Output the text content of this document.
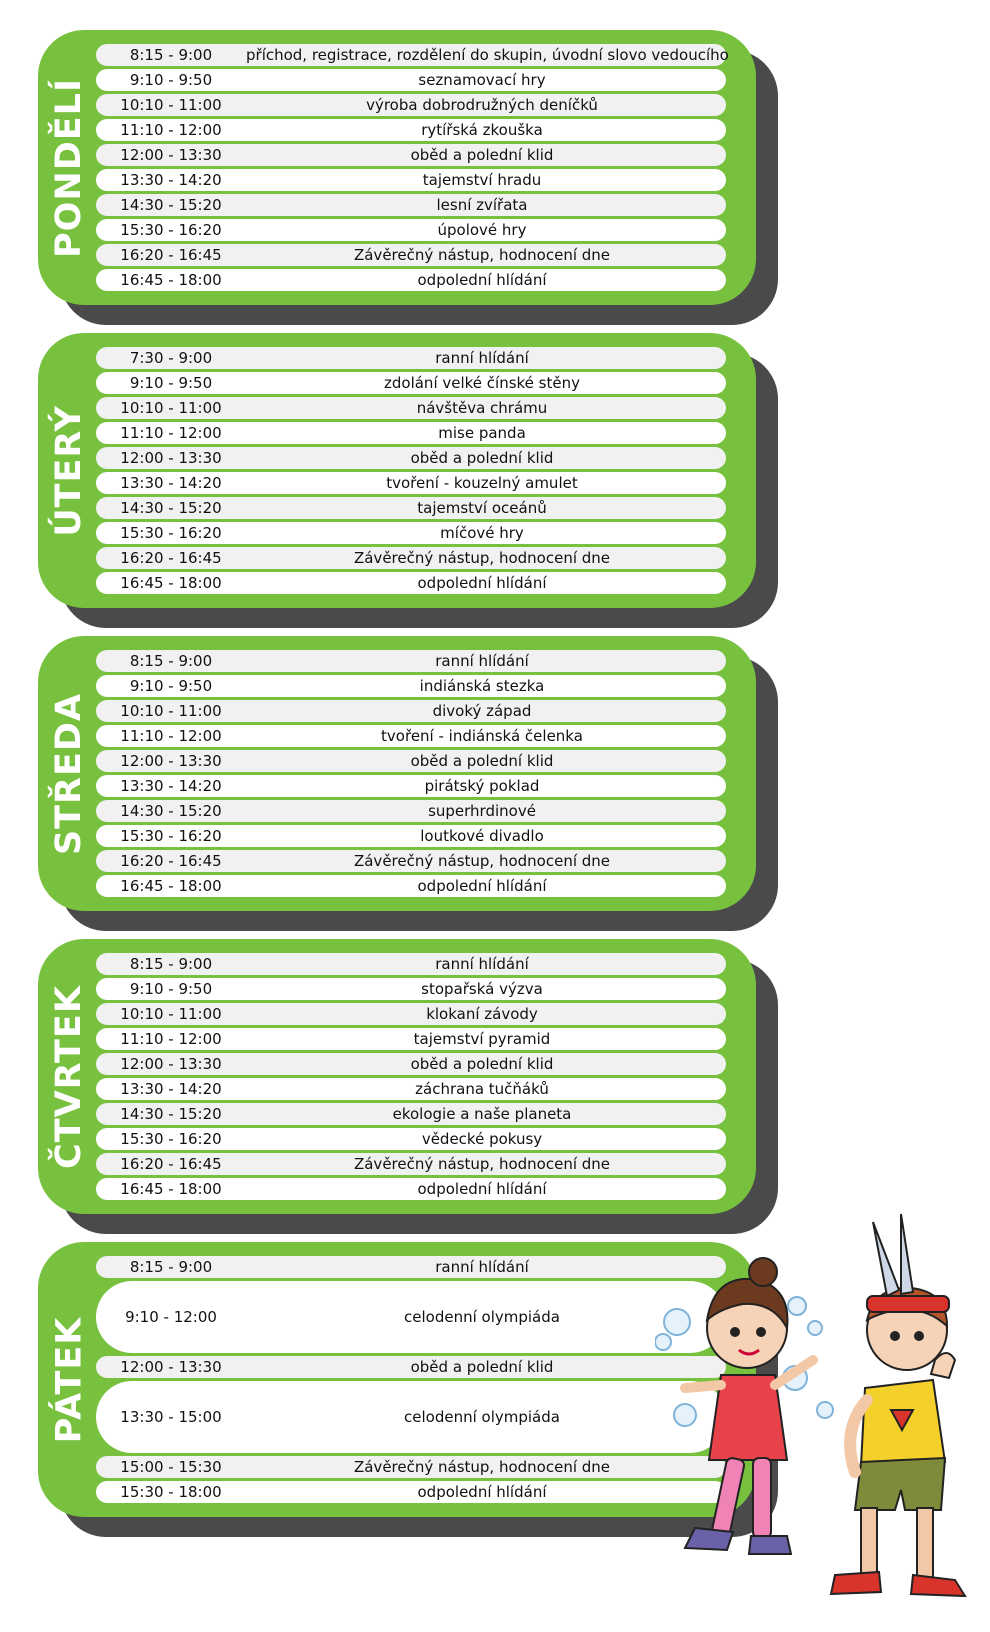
PONDĚLÍ
8:15 - 9:00	příchod, registrace, rozdělení do skupin, úvodní slovo vedoucího
9:10 - 9:50	seznamovací hry
10:10 - 11:00	výroba dobrodružných deníčků
11:10 - 12:00	rytířská zkouška
12:00 - 13:30	oběd a polední klid
13:30 - 14:20	tajemství hradu
14:30 - 15:20	lesní zvířata
15:30 - 16:20	úpolové hry
16:20 - 16:45	Závěrečný nástup, hodnocení dne
16:45 - 18:00	odpolední hlídání
ÚTERÝ
7:30 - 9:00	ranní hlídání
9:10 - 9:50	zdolání velké čínské stěny
10:10 - 11:00	návštěva chrámu
11:10 - 12:00	mise panda
12:00 - 13:30	oběd a polední klid
13:30 - 14:20	tvoření - kouzelný amulet
14:30 - 15:20	tajemství oceánů
15:30 - 16:20	míčové hry
16:20 - 16:45	Závěrečný nástup, hodnocení dne
16:45 - 18:00	odpolední hlídání
STŘEDA
8:15 - 9:00	ranní hlídání
9:10 - 9:50	indiánská stezka
10:10 - 11:00	divoký západ
11:10 - 12:00	tvoření - indiánská čelenka
12:00 - 13:30	oběd a polední klid
13:30 - 14:20	pirátský poklad
14:30 - 15:20	superhrdinové
15:30 - 16:20	loutkové divadlo
16:20 - 16:45	Závěrečný nástup, hodnocení dne
16:45 - 18:00	odpolední hlídání
ČTVRTEK
8:15 - 9:00	ranní hlídání
9:10 - 9:50	stopařská výzva
10:10 - 11:00	klokaní závody
11:10 - 12:00	tajemství pyramid
12:00 - 13:30	oběd a polední klid
13:30 - 14:20	záchrana tučňáků
14:30 - 15:20	ekologie a naše planeta
15:30 - 16:20	vědecké pokusy
16:20 - 16:45	Závěrečný nástup, hodnocení dne
16:45 - 18:00	odpolední hlídání
PÁTEK
8:15 - 9:00	ranní hlídání
9:10 - 12:00	celodenní olympiáda
12:00 - 13:30	oběd a polední klid
13:30 - 15:00	celodenní olympiáda
15:00 - 15:30	Závěrečný nástup, hodnocení dne
15:30 - 18:00	odpolední hlídání
